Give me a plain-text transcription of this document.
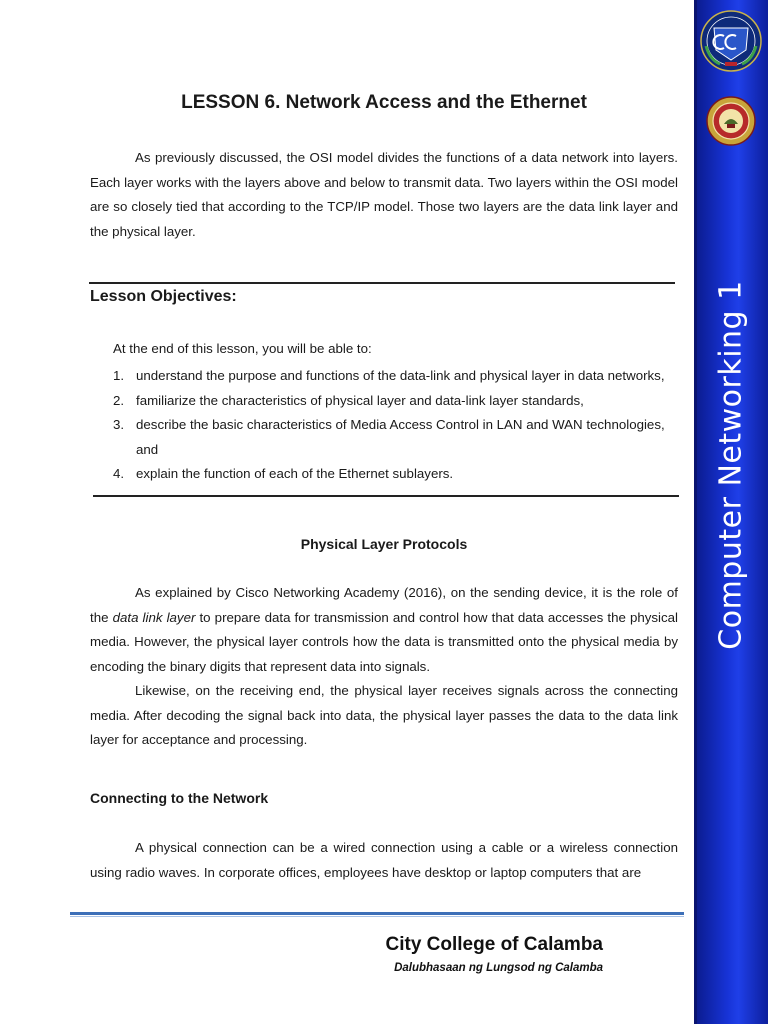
LESSON 6. Network Access and the Ethernet

As previously discussed, the OSI model divides the functions of a data network into layers. Each layer works with the layers above and below to transmit data. Two layers within the OSI model are so closely tied that according to the TCP/IP model. Those two layers are the data link layer and the physical layer.

Lesson Objectives:

At the end of this lesson, you will be able to:

1. understand the purpose and functions of the data-link and physical layer in data networks,
2. familiarize the characteristics of physical layer and data-link layer standards,
3. describe the basic characteristics of Media Access Control in LAN and WAN technologies, and
4. explain the function of each of the Ethernet sublayers.

Physical Layer Protocols

As explained by Cisco Networking Academy (2016), on the sending device, it is the role of the data link layer to prepare data for transmission and control how that data accesses the physical media. However, the physical layer controls how the data is transmitted onto the physical media by encoding the binary digits that represent data into signals.

Likewise, on the receiving end, the physical layer receives signals across the connecting media. After decoding the signal back into data, the physical layer passes the data to the data link layer for acceptance and processing.

Connecting to the Network

A physical connection can be a wired connection using a cable or a wireless connection using radio waves. In corporate offices, employees have desktop or laptop computers that are

City College of Calamba

Dalubhasaan ng Lungsod ng Calamba

Computer Networking 1
